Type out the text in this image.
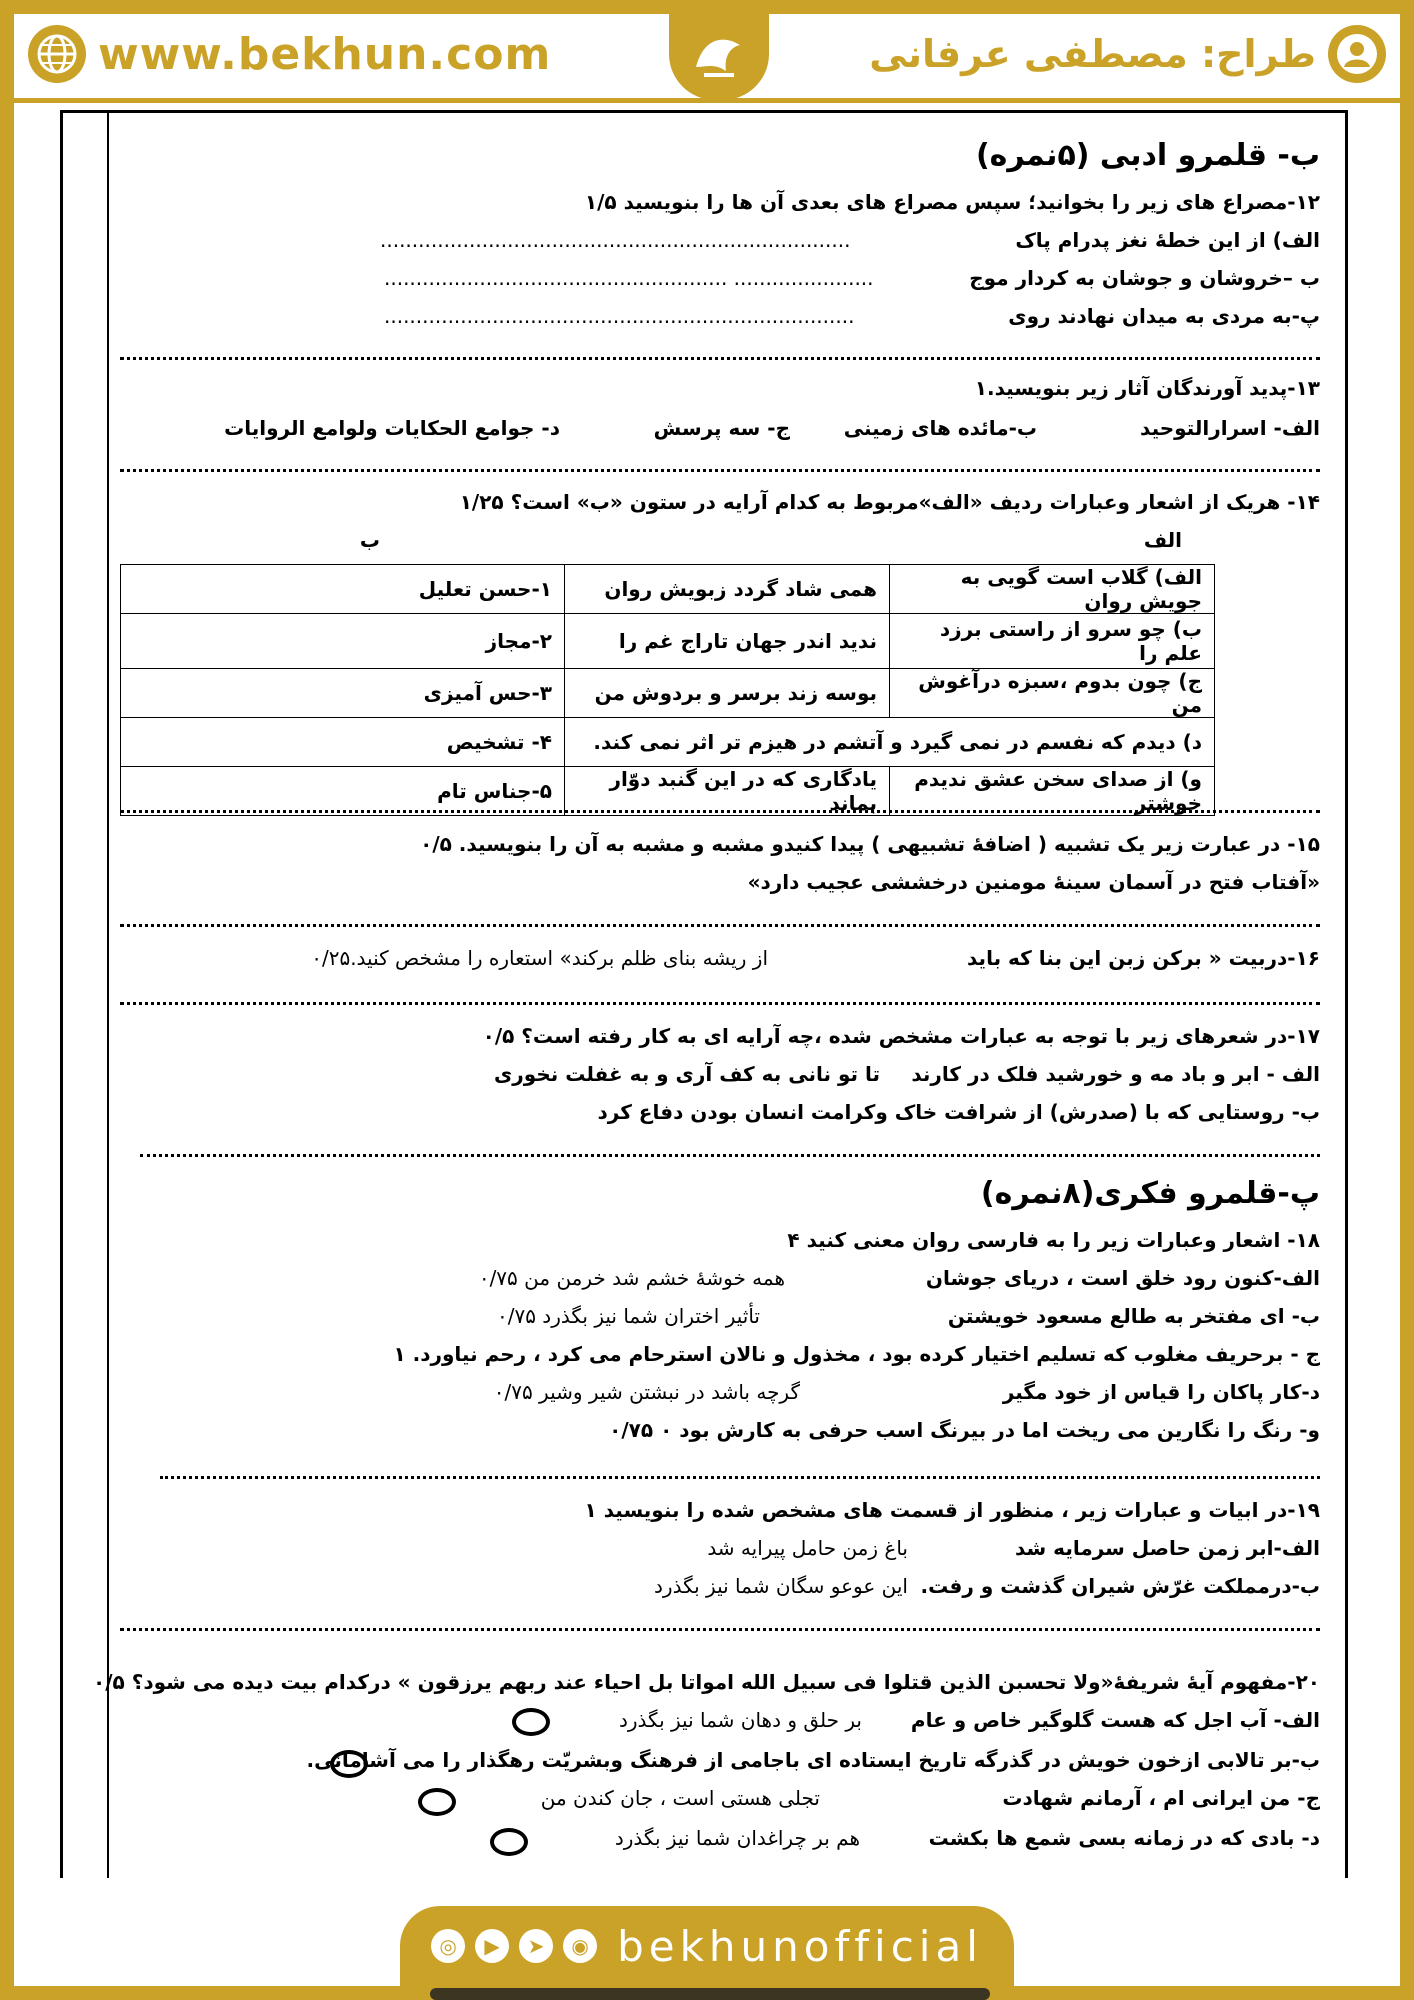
www.bekhun.com	طراح: مصطفی عرفانی
ب- قلمرو ادبی (۵نمره)
۱۲-مصراع های زیر را بخوانید؛ سپس مصراع های بعدی آن ها را بنویسید ۱/۵
الف) از این خطهٔ نغز پدرام پاک
..........................................................................
ب –خروشان و جوشان به کردار موج
...................... ......................................................
پ-به مردی به میدان نهادند روی
..........................................................................
۱۳-پدید آورندگان آثار زیر بنویسید.۱
الف- اسرارالتوحید
ب-مائده های زمینی
ج- سه پرسش
د- جوامع الحکایات ولوامع الروایات
۱۴- هریک از اشعار وعبارات ردیف «الف»مربوط به کدام آرایه در ستون «ب» است؟ ۱/۲۵
الف
ب
الف) گلاب است گویی به جویش روان	همی شاد گردد زبویش روان	۱-حسن تعلیل
ب) چو سرو از راستی برزد علم را	ندید اندر جهان تاراج غم را	۲-مجاز
ج) چون بدوم ،سبزه درآغوش من	بوسه زند برسر و بردوش من	۳-حس آمیزی
د) دیدم که نفسم در نمی گیرد و آتشم در هیزم تر اثر نمی کند.		۴- تشخیص
و) از صدای سخن عشق ندیدم خوشتر	یادگاری که در این گنبد دوّار بماند	۵-جناس تام
۱۵- در عبارت زیر یک تشبیه ( اضافهٔ تشبیهی ) پیدا کنیدو مشبه و مشبه به آن را بنویسید. ۰/۵
«آفتاب فتح در آسمان سینهٔ مومنین درخششی عجیب دارد»
۱۶-دربیت « برکن زبن این بنا که باید
از ریشه بنای ظلم برکند» استعاره را مشخص کنید.۰/۲۵
۱۷-در شعرهای زیر با توجه به عبارات مشخص شده ،چه آرایه ای به کار رفته است؟ ۰/۵
الف - ابر و باد مه و خورشید فلک در کارند
تا تو نانی به کف آری و به غفلت نخوری
ب- روستایی که با (صدرش) از شرافت خاک وکرامت انسان بودن دفاع کرد
پ-قلمرو فکری(۸نمره)
۱۸- اشعار وعبارات زیر را به فارسی روان معنی کنید ۴
الف-کنون رود خلق است ، دریای جوشان
همه خوشهٔ خشم شد خرمن من ۰/۷۵
ب- ای مفتخر به طالع مسعود خویشتن
تأثیر اختران شما نیز بگذرد ۰/۷۵
ج - برحریف مغلوب که تسلیم اختیار کرده بود ، مخذول و نالان استرحام می کرد ، رحم نیاورد. ۱
د-کار پاکان را قیاس از خود مگیر
گرچه باشد در نبشتن شیر وشیر ۰/۷۵
و- رنگ را نگارین می ریخت اما در بیرنگ اسب حرفی به کارش بود ۰ ۰/۷۵
۱۹-در ابیات و عبارات زیر ، منظور از قسمت های مشخص شده را بنویسید ۱
الف-ابر زمن حاصل سرمایه شد
باغ زمن حامل پیرایه شد
ب-درمملکت غرّش شیران گذشت و رفت.
این عوعو سگان شما نیز بگذرد
۲۰-مفهوم آیهٔ شریفهٔ«ولا تحسبن الذین قتلوا فی سبیل الله امواتا بل احیاء عند ربهم یرزقون » درکدام بیت دیده می شود؟ ۰/۵
الف- آب اجل که هست گلوگیر خاص و عام
بر حلق و دهان شما نیز بگذرد
ب-بر تالابی ازخون خویش در گذرگه تاریخ ایستاده ای باجامی از فرهنگ وبشریّت رهگذار را می آشامانی.
ج- من ایرانی ام ، آرمانم شهادت
تجلی هستی است ، جان کندن من
د- بادی که در زمانه بسی شمع ها بکشت
هم بر چراغدان شما نیز بگذرد
◎	▶	➤	◉ bekhunofficial
